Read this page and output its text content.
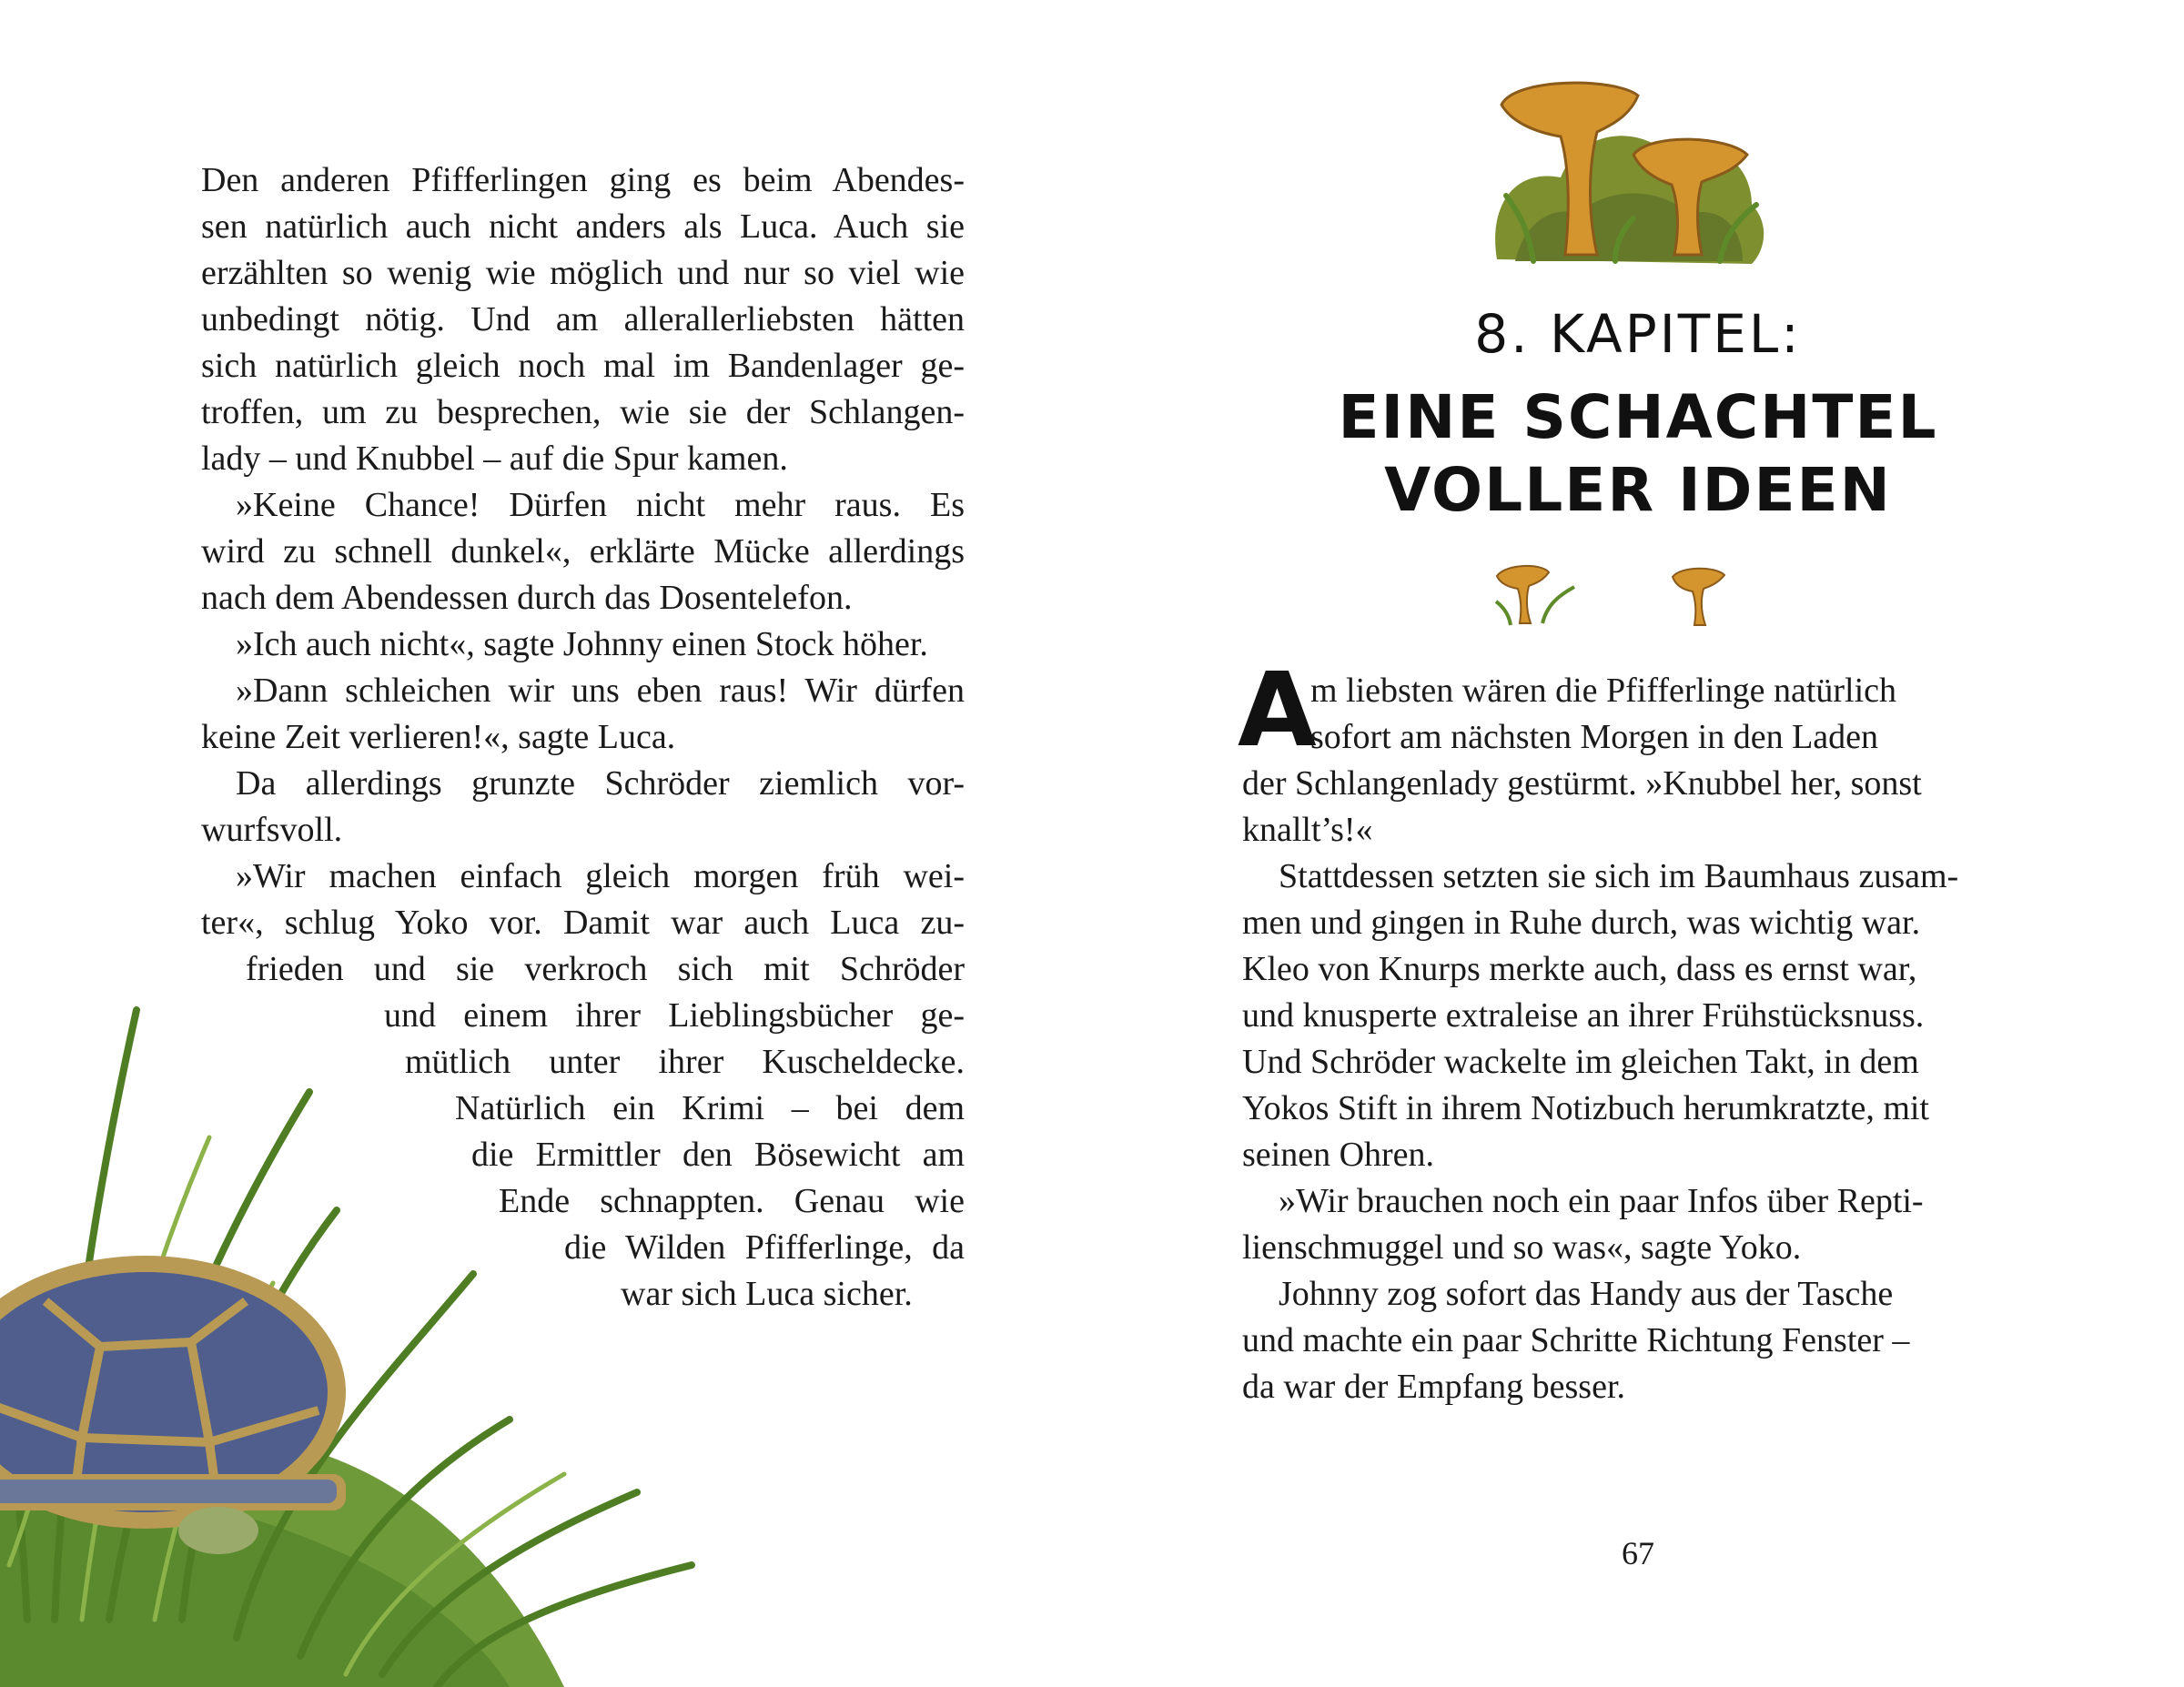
Den anderen Pfifferlingen ging es beim Abendes-
sen natürlich auch nicht anders als Luca. Auch sie
erzählten so wenig wie möglich und nur so viel wie
unbedingt nötig. Und am allerallerliebsten hätten
sich natürlich gleich noch mal im Bandenlager ge-
troffen, um zu besprechen, wie sie der Schlangen-
lady – und Knubbel – auf die Spur kamen.
»Keine Chance! Dürfen nicht mehr raus. Es
wird zu schnell dunkel«, erklärte Mücke allerdings
nach dem Abendessen durch das Dosentelefon.
»Ich auch nicht«, sagte Johnny einen Stock höher.
»Dann schleichen wir uns eben raus! Wir dürfen
keine Zeit verlieren!«, sagte Luca.
Da allerdings grunzte Schröder ziemlich vor-
wurfsvoll.
»Wir machen einfach gleich morgen früh wei-
ter«, schlug Yoko vor. Damit war auch Luca zu-
frieden und sie verkroch sich mit Schröder
und einem ihrer Lieblingsbücher ge-
mütlich unter ihrer Kuscheldecke.
Natürlich ein Krimi – bei dem
die Ermittler den Bösewicht am
Ende schnappten. Genau wie
die Wilden Pfifferlinge, da
war sich Luca sicher.
8. KAPITEL:
EINE SCHACHTEL
VOLLER IDEEN
A
m liebsten wären die Pfifferlinge natürlich
sofort am nächsten Morgen in den Laden
der Schlangenlady gestürmt. »Knubbel her, sonst
knallt’s!«
Stattdessen setzten sie sich im Baumhaus zusam-
men und gingen in Ruhe durch, was wichtig war.
Kleo von Knurps merkte auch, dass es ernst war,
und knusperte extraleise an ihrer Frühstücksnuss.
Und Schröder wackelte im gleichen Takt, in dem
Yokos Stift in ihrem Notizbuch herumkratzte, mit
seinen Ohren.
»Wir brauchen noch ein paar Infos über Repti-
lienschmuggel und so was«, sagte Yoko.
Johnny zog sofort das Handy aus der Tasche
und machte ein paar Schritte Richtung Fenster –
da war der Empfang besser.
67
